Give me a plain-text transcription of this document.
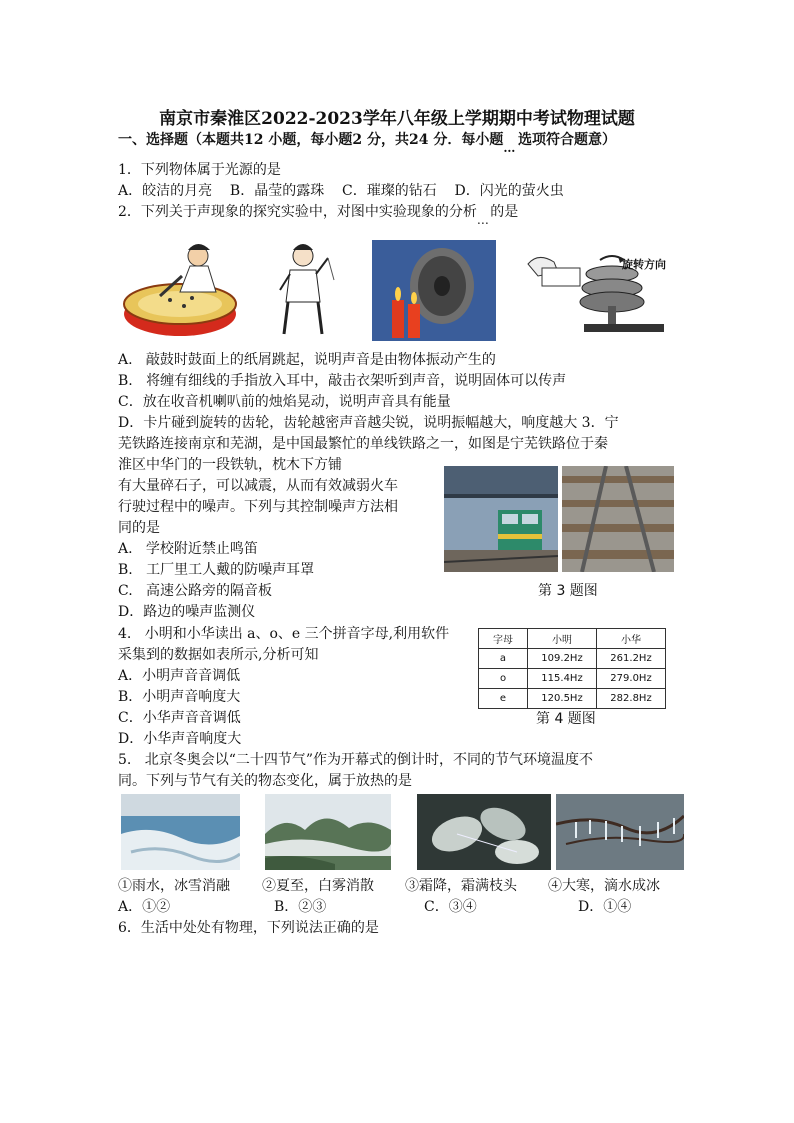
南京市秦淮区2022-2023学年八年级上学期期中考试物理试题
一、选择题（本题共12 小题，每小题2 分，共24 分．每小题 … 选项符合题意）
1．下列物体属于光源的是
A．皎洁的月亮    B．晶莹的露珠    C．璀璨的钻石    D．闪光的萤火虫
2．下列关于声现象的探究实验中，对图中实验现象的分析 … 的是
旋转方向
A.   敲鼓时鼓面上的纸屑跳起，说明声音是由物体振动产生的
B.   将缠有细线的手指放入耳中，敲击衣架听到声音，说明固体可以传声
C．放在收音机喇叭前的烛焰晃动，说明声音具有能量
D．卡片碰到旋转的齿轮，齿轮越密声音越尖锐，说明振幅越大，响度越大 3．宁
芜铁路连接南京和芜湖，是中国最繁忙的单线铁路之一，如图是宁芜铁路位于秦
淮区中华门的一段铁轨，枕木下方铺
有大量碎石子，可以减震，从而有效减弱火车
行驶过程中的噪声。下列与其控制噪声方法相
同的是
A.   学校附近禁止鸣笛
B.   工厂里工人戴的防噪声耳罩
C.   高速公路旁的隔音板
D．路边的噪声监测仪
第 3 题图
4.   小明和小华读出 a、o、e 三个拼音字母,利用软件
采集到的数据如表所示,分析可知
A．小明声音音调低
B．小明声音响度大
C．小华声音音调低
D．小华声音响度大
字母	小明	小华
a	109.2Hz	261.2Hz
o	115.4Hz	279.0Hz
e	120.5Hz	282.8Hz
第 4 题图
5.   北京冬奥会以“二十四节气”作为开幕式的倒计时，不同的节气环境温度不
同。下列与节气有关的物态变化，属于放热的是
①雨水，冰雪消融 ②夏至，白雾消散 ③霜降，霜满枝头 ④大寒，滴水成冰
A．①②	B．②③	C．③④	D．①④
6．生活中处处有物理，下列说法正确的是
